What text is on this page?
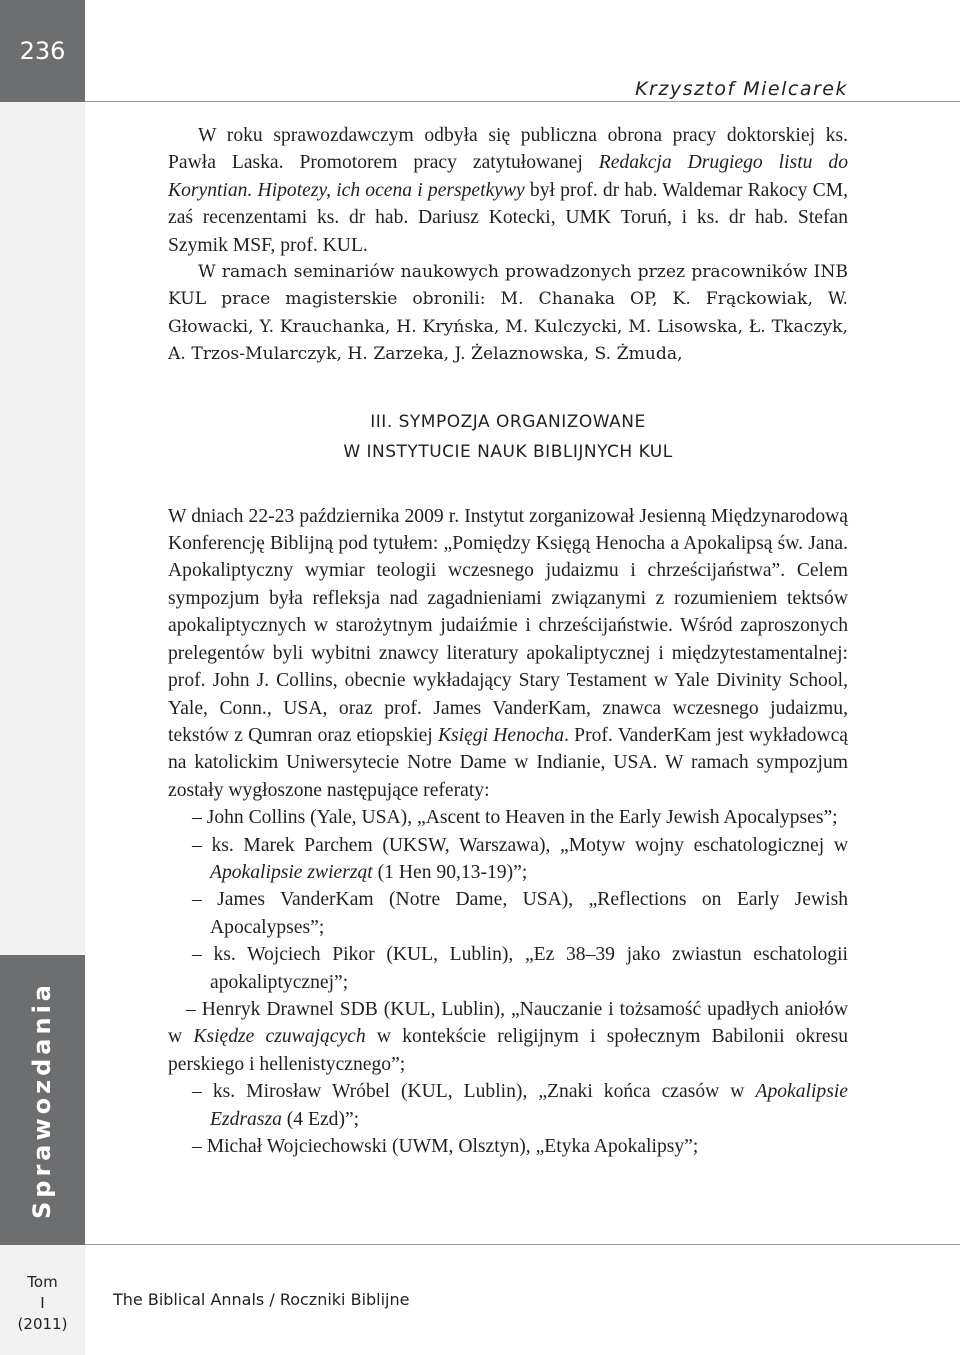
236
Sprawozdania
Tom
I
(2011)
Krzysztof Mielcarek

W roku sprawozdawczym odbyła się publiczna obrona pracy doktorskiej ks. Pawła Laska. Promotorem pracy zatytułowanej Redakcja Drugiego listu do Koryntian. Hipotezy, ich ocena i perspetkywy był prof. dr hab. Waldemar Rakocy CM, zaś recenzentami ks. dr hab. Dariusz Kotecki, UMK Toruń, i ks. dr hab. Stefan Szymik MSF, prof. KUL.

W ramach seminariów naukowych prowadzonych przez pracowników INB KUL prace magisterskie obronili: M. Chanaka OP, K. Frąckowiak, W. Głowacki, Y. Krauchanka, H. Kryńska, M. Kulczycki, M. Lisowska, Ł. Tkaczyk, A. Trzos-Mularczyk, H. Zarzeka, J. Żelaznowska, S. Żmuda,

III. SYMPOZJA ORGANIZOWANE

W INSTYTUCIE NAUK BIBLIJNYCH KUL

W dniach 22-23 października 2009 r. Instytut zorganizował Jesienną Międzynarodową Konferencję Biblijną pod tytułem: „Pomiędzy Księgą Henocha a Apokalipsą św. Jana. Apokaliptyczny wymiar teologii wczesnego judaizmu i chrześcijaństwa”. Celem sympozjum była refleksja nad zagadnieniami związanymi z rozumieniem tektsów apokaliptycznych w starożytnym judaiźmie i chrześcijaństwie. Wśród zaproszonych prelegentów byli wybitni znawcy literatury apokaliptycznej i międzytestamentalnej: prof. John J. Collins, obecnie wykładający Stary Testament w Yale Divinity School, Yale, Conn., USA, oraz prof. James VanderKam, znawca wczesnego judaizmu, tekstów z Qumran oraz etiopskiej Księgi Henocha. Prof. VanderKam jest wykładowcą na katolickim Uniwersytecie Notre Dame w Indianie, USA. W ramach sympozjum zostały wygłoszone następujące referaty:

– John Collins (Yale, USA), „Ascent to Heaven in the Early Jewish Apocalypses”;
– ks. Marek Parchem (UKSW, Warszawa), „Motyw wojny eschatologicznej w Apokalipsie zwierząt (1 Hen 90,13-19)”;
– James VanderKam (Notre Dame, USA), „Reflections on Early Jewish Apocalypses”;
– ks. Wojciech Pikor (KUL, Lublin), „Ez 38–39 jako zwiastun eschatologii apokaliptycznej”;
– Henryk Drawnel SDB (KUL, Lublin), „Nauczanie i tożsamość upadłych aniołów w Księdze czuwających w kontekście religijnym i społecznym Babilonii okresu perskiego i hellenistycznego”;
– ks. Mirosław Wróbel (KUL, Lublin), „Znaki końca czasów w Apokalipsie Ezdrasza (4 Ezd)”;
– Michał Wojciechowski (UWM, Olsztyn), „Etyka Apokalipsy”;
The Biblical Annals / Roczniki Biblijne
